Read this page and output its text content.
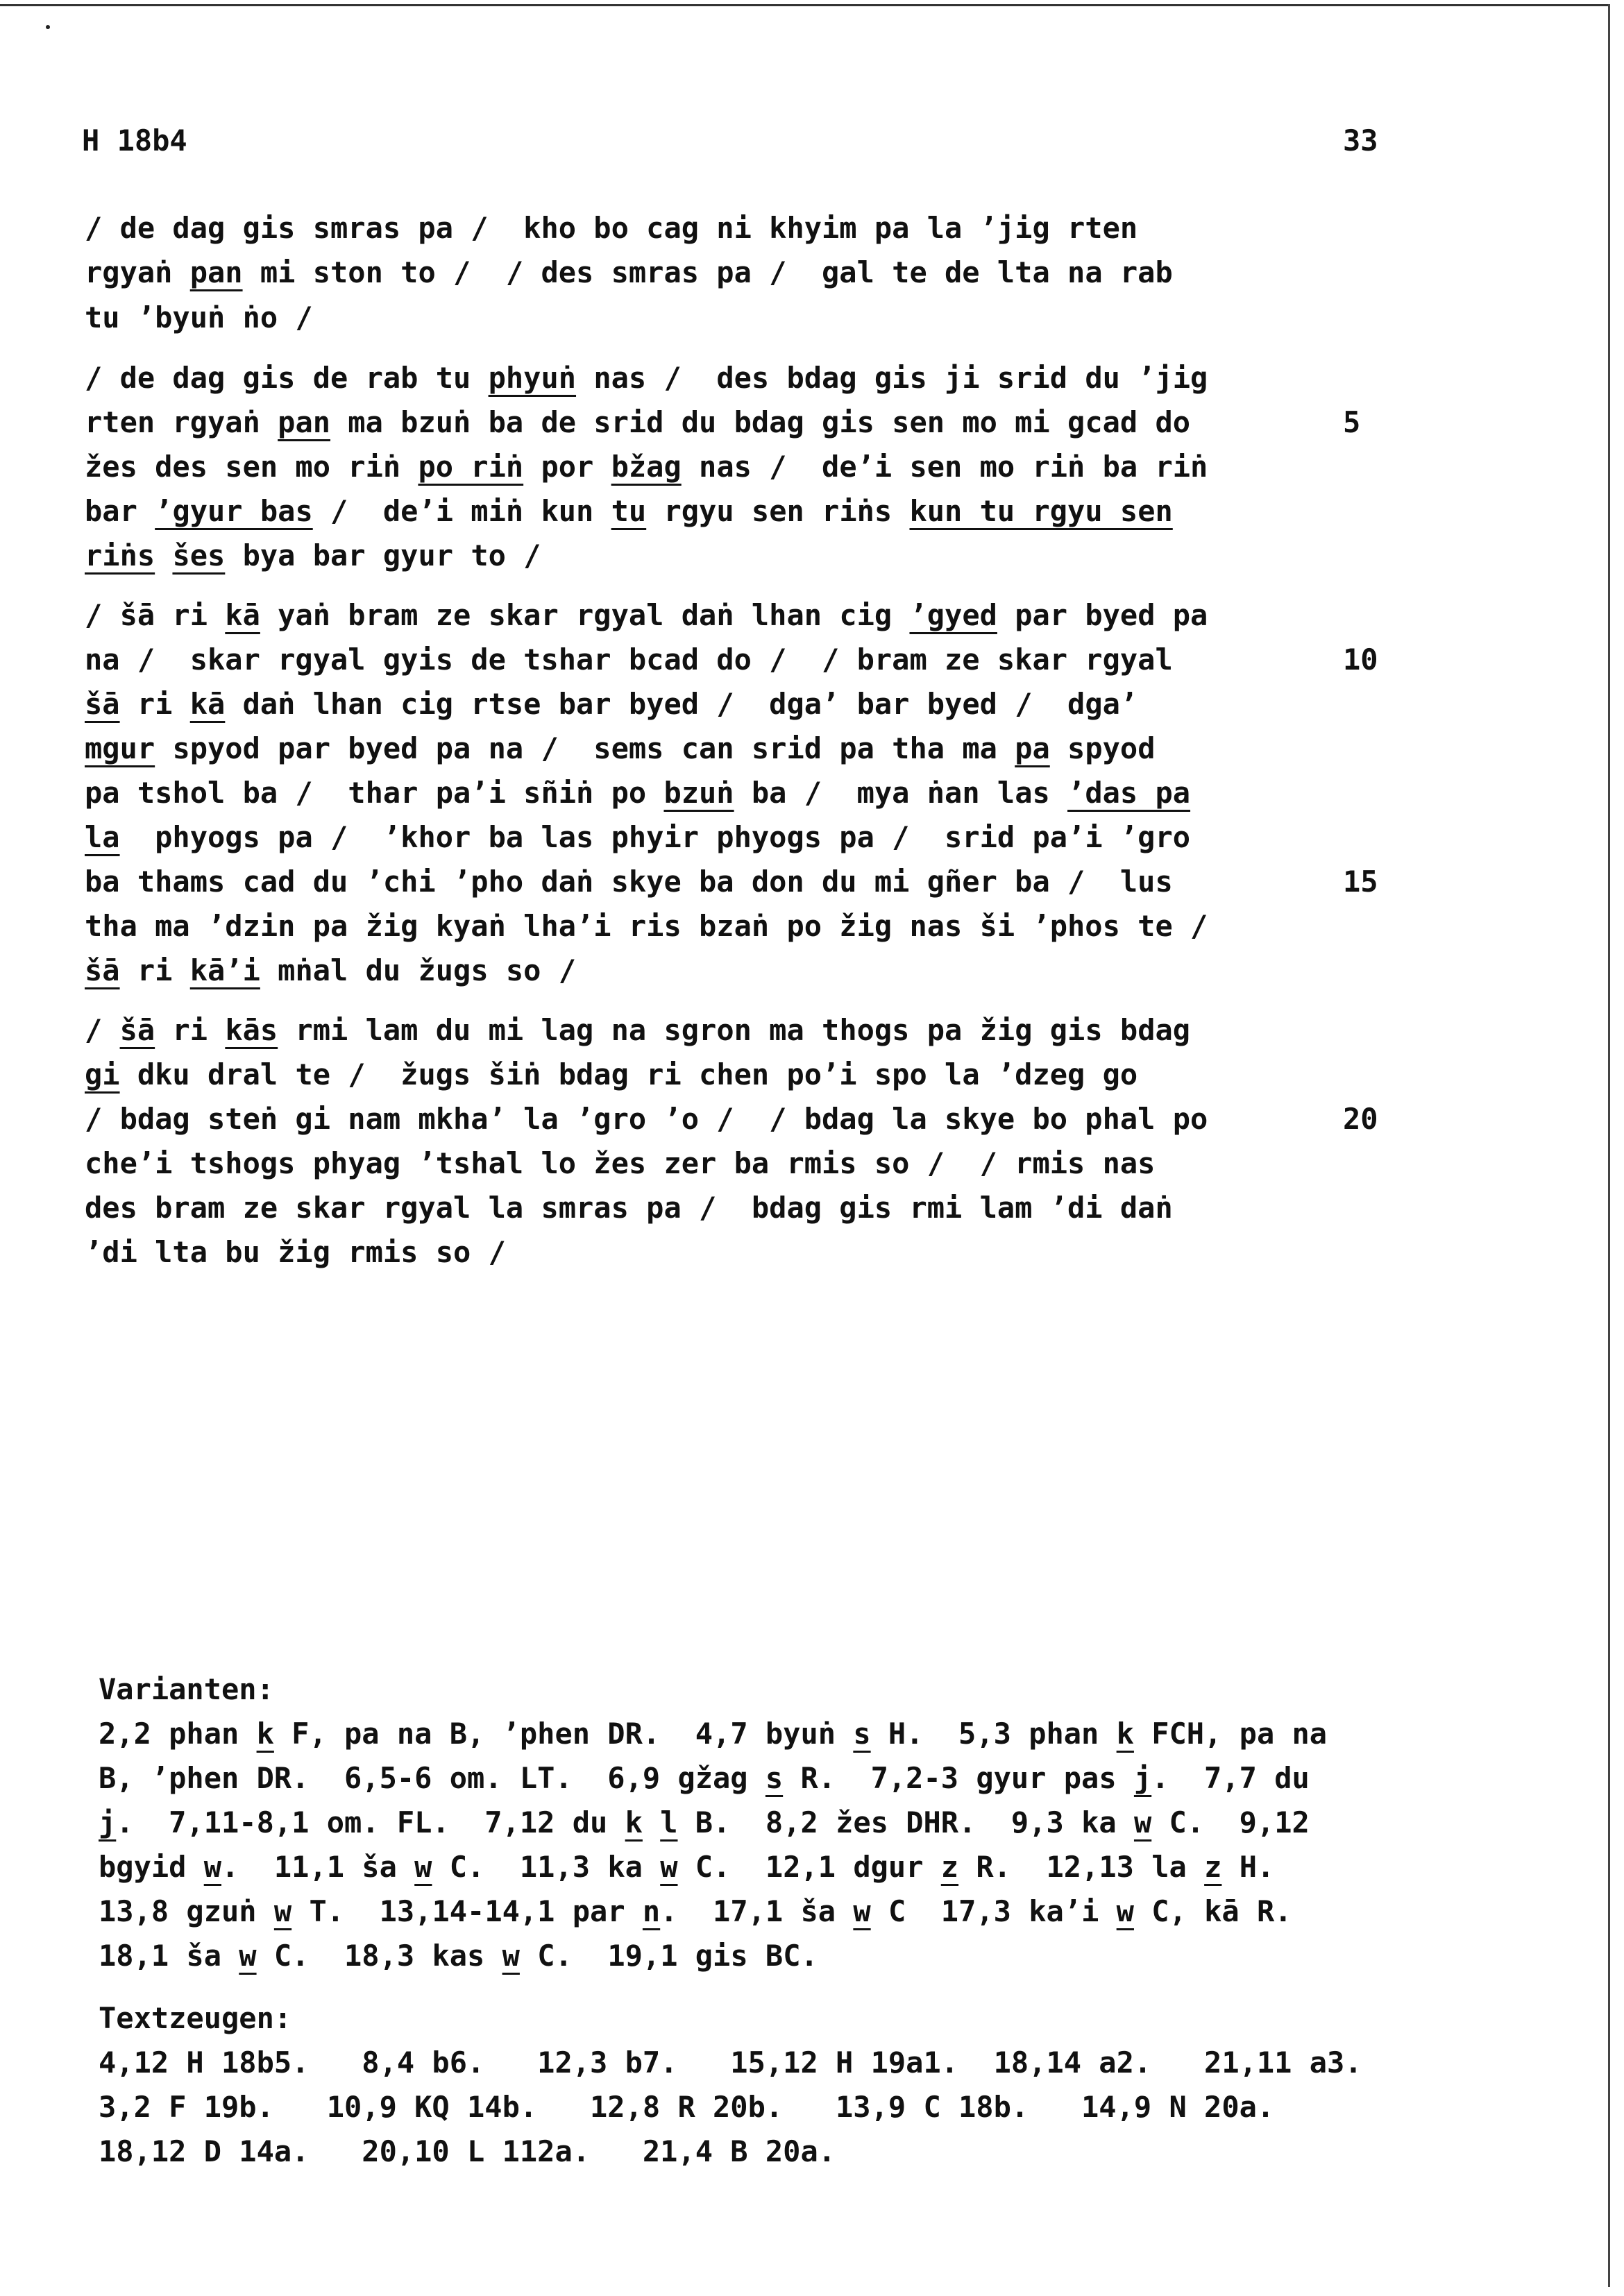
H 18b4	33
/ de dag gis smras pa /  kho bo cag ni khyim pa la ’jig rten
rgyaṅ pan mi ston to /  / des smras pa /  gal te de lta na rab
tu ’byuṅ ṅo /
/ de dag gis de rab tu phyuṅ nas /  des bdag gis ji srid du ’jig
rten rgyaṅ pan ma bzuṅ ba de srid du bdag gis sen mo mi gcad do
žes des sen mo riṅ po riṅ por bžag nas /  de’i sen mo riṅ ba riṅ
bar ’gyur bas /  de’i miṅ kun tu rgyu sen riṅs kun tu rgyu sen
riṅs šes bya bar gyur to /
/ šā ri kā yaṅ bram ze skar rgyal daṅ lhan cig ’gyed par byed pa
na /  skar rgyal gyis de tshar bcad do /  / bram ze skar rgyal
šā ri kā daṅ lhan cig rtse bar byed /  dga’ bar byed /  dga’
mgur spyod par byed pa na /  sems can srid pa tha ma pa spyod
pa tshol ba /  thar pa’i sñiṅ po bzuṅ ba /  mya ṅan las ’das pa
la  phyogs pa /  ’khor ba las phyir phyogs pa /  srid pa’i ’gro
ba thams cad du ’chi ’pho daṅ skye ba don du mi gñer ba /  lus
tha ma ’dzin pa žig kyaṅ lha’i ris bzaṅ po žig nas ši ’phos te /
šā ri kā’i mṅal du žugs so /
/ šā ri kās rmi lam du mi lag na sgron ma thogs pa žig gis bdag
gi dku dral te /  žugs šiṅ bdag ri chen po’i spo la ’dzeg go
/ bdag steṅ gi nam mkha’ la ’gro ’o /  / bdag la skye bo phal po
che’i tshogs phyag ’tshal lo žes zer ba rmis so /  / rmis nas
des bram ze skar rgyal la smras pa /  bdag gis rmi lam ’di daṅ
’di lta bu žig rmis so /
5
10
15
20
Varianten:
2,2 phan k F, pa na B, ’phen DR.  4,7 byuṅ s H.  5,3 phan k FCH, pa na
B, ’phen DR.  6,5-6 om. LT.  6,9 gžag s R.  7,2-3 gyur pas j.  7,7 du
j.  7,11-8,1 om. FL.  7,12 du k l B.  8,2 žes DHR.  9,3 ka w C.  9,12
bgyid w.  11,1 ša w C.  11,3 ka w C.  12,1 dgur z R.  12,13 la z H.
13,8 gzuṅ w T.  13,14-14,1 par n.  17,1 ša w C  17,3 ka’i w C, kā R.
18,1 ša w C.  18,3 kas w C.  19,1 gis BC.
Textzeugen:
4,12 H 18b5.   8,4 b6.   12,3 b7.   15,12 H 19a1.  18,14 a2.   21,11 a3.
3,2 F 19b.   10,9 KQ 14b.   12,8 R 20b.   13,9 C 18b.   14,9 N 20a.
18,12 D 14a.   20,10 L 112a.   21,4 B 20a.
